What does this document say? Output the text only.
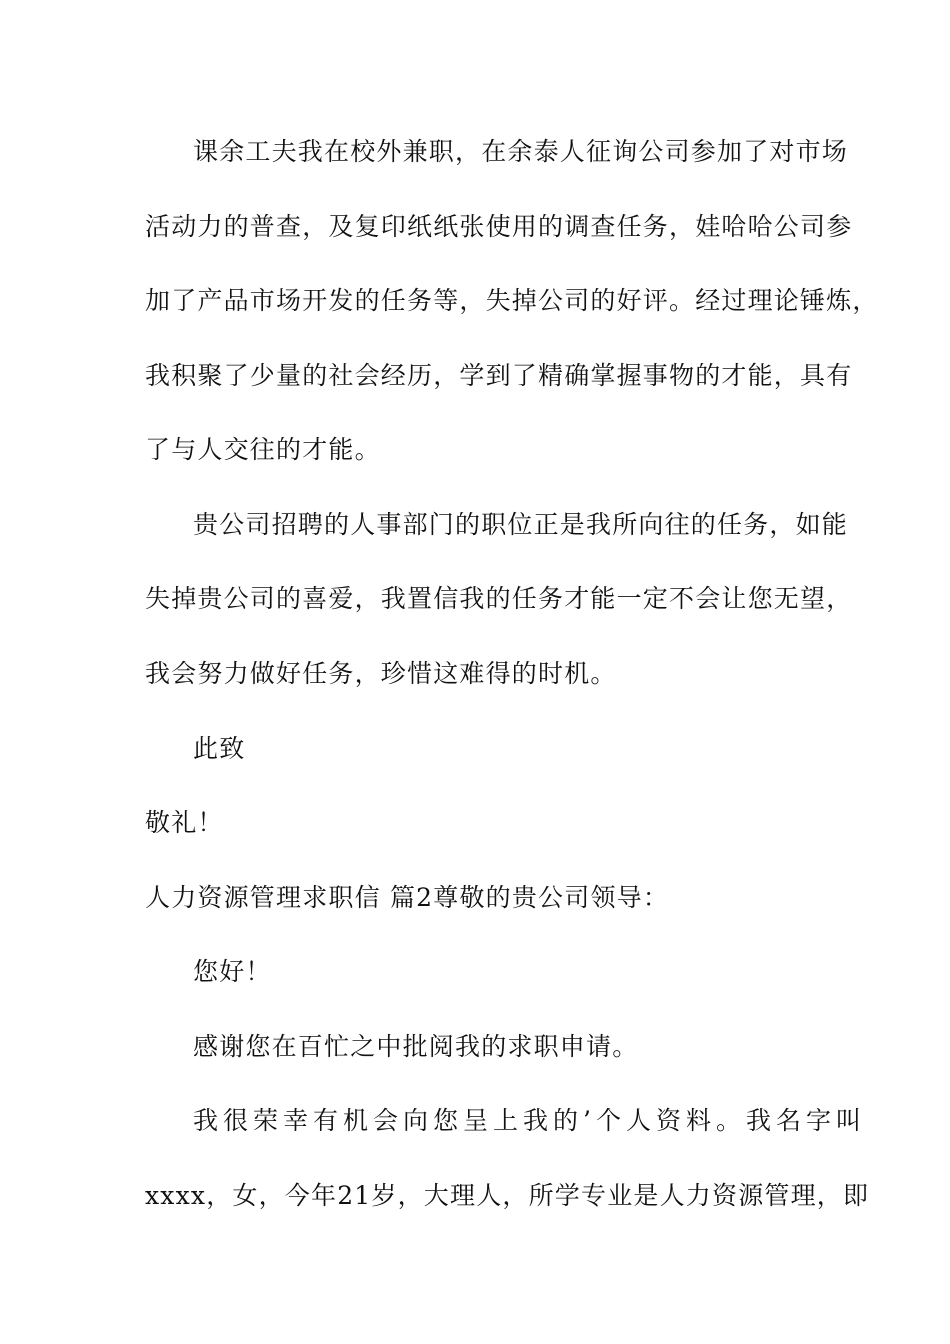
课余工夫我在校外兼职，在余泰人征询公司参加了对市场
活动力的普查，及复印纸纸张使用的调查任务，娃哈哈公司参
加了产品市场开发的任务等，失掉公司的好评。经过理论锤炼，
我积聚了少量的社会经历，学到了精确掌握事物的才能，具有
了与人交往的才能。
贵公司招聘的人事部门的职位正是我所向往的任务，如能
失掉贵公司的喜爱，我置信我的任务才能一定不会让您无望，
我会努力做好任务，珍惜这难得的时机。
此致
敬礼！
人力资源管理求职信 篇2尊敬的贵公司领导：
您好！
感谢您在百忙之中批阅我的求职申请。
我很荣幸有机会向您呈上我的’个人资料。我名字叫
xxxx，女，今年21岁，大理人，所学专业是人力资源管理，即
